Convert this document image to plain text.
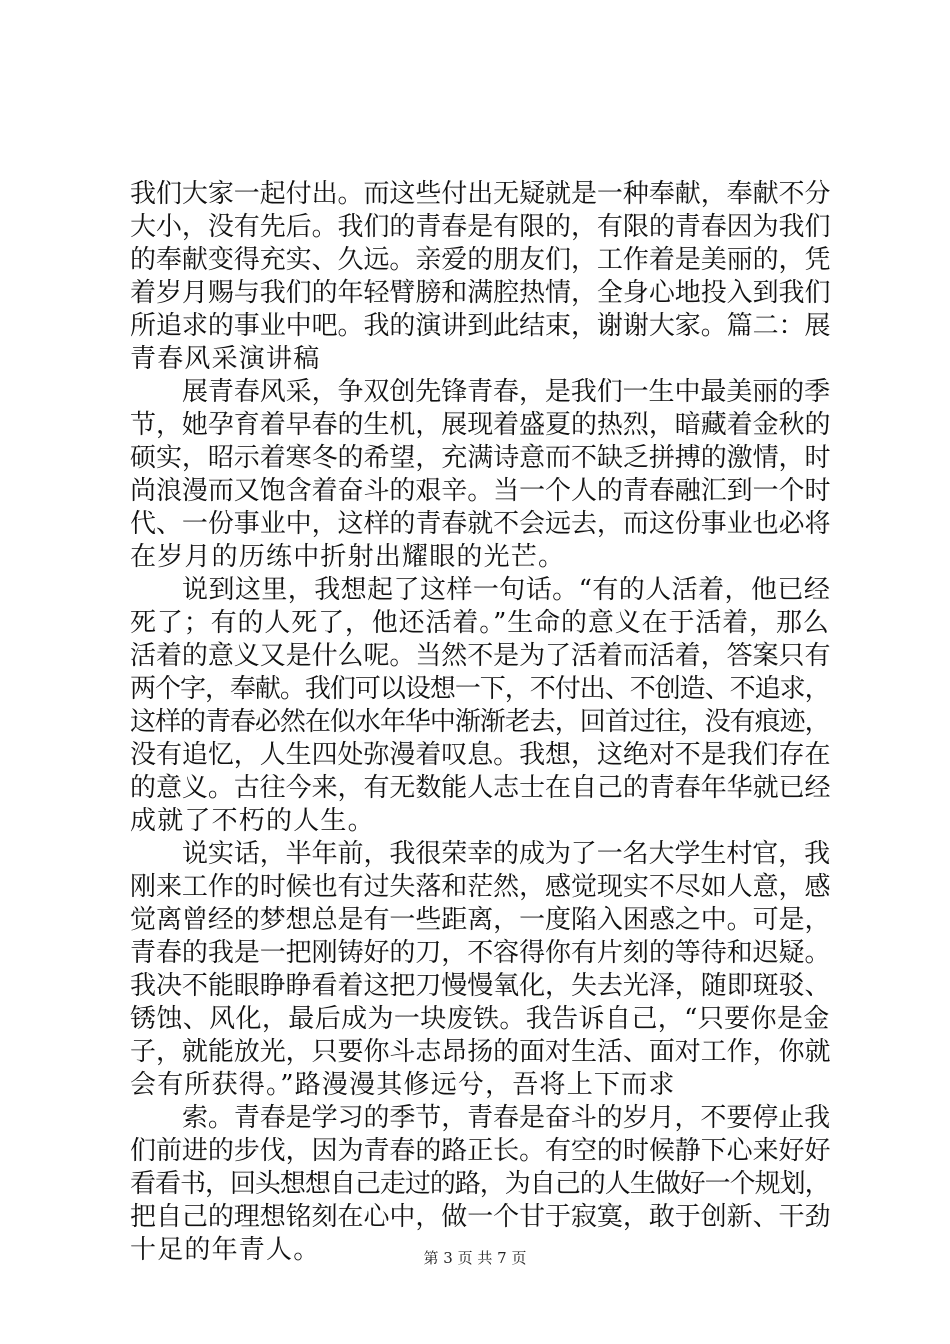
我们大家一起付出。而这些付出无疑就是一种奉献，奉献不分
大小，没有先后。我们的青春是有限的，有限的青春因为我们
的奉献变得充实、久远。亲爱的朋友们，工作着是美丽的，凭
着岁月赐与我们的年轻臂膀和满腔热情，全身心地投入到我们
所追求的事业中吧。我的演讲到此结束，谢谢大家。篇二：展
青春风采演讲稿
展青春风采，争双创先锋青春，是我们一生中最美丽的季
节，她孕育着早春的生机，展现着盛夏的热烈，暗藏着金秋的
硕实，昭示着寒冬的希望，充满诗意而不缺乏拼搏的激情，时
尚浪漫而又饱含着奋斗的艰辛。当一个人的青春融汇到一个时
代、一份事业中，这样的青春就不会远去，而这份事业也必将
在岁月的历练中折射出耀眼的光芒。
说到这里，我想起了这样一句话。“有的人活着，他已经
死了；有的人死了，他还活着。”生命的意义在于活着，那么
活着的意义又是什么呢。当然不是为了活着而活着，答案只有
两个字，奉献。我们可以设想一下，不付出、不创造、不追求，
这样的青春必然在似水年华中渐渐老去，回首过往，没有痕迹，
没有追忆，人生四处弥漫着叹息。我想，这绝对不是我们存在
的意义。古往今来，有无数能人志士在自己的青春年华就已经
成就了不朽的人生。
说实话，半年前，我很荣幸的成为了一名大学生村官，我
刚来工作的时候也有过失落和茫然，感觉现实不尽如人意，感
觉离曾经的梦想总是有一些距离，一度陷入困惑之中。可是，
青春的我是一把刚铸好的刀，不容得你有片刻的等待和迟疑。
我决不能眼睁睁看着这把刀慢慢氧化，失去光泽，随即斑驳、
锈蚀、风化，最后成为一块废铁。我告诉自己，“只要你是金
子，就能放光，只要你斗志昂扬的面对生活、面对工作，你就
会有所获得。”路漫漫其修远兮，吾将上下而求
索。青春是学习的季节，青春是奋斗的岁月，不要停止我
们前进的步伐，因为青春的路正长。有空的时候静下心来好好
看看书，回头想想自己走过的路，为自己的人生做好一个规划，
把自己的理想铭刻在心中，做一个甘于寂寞，敢于创新、干劲
十足的年青人。	第 3 页 共 7 页
